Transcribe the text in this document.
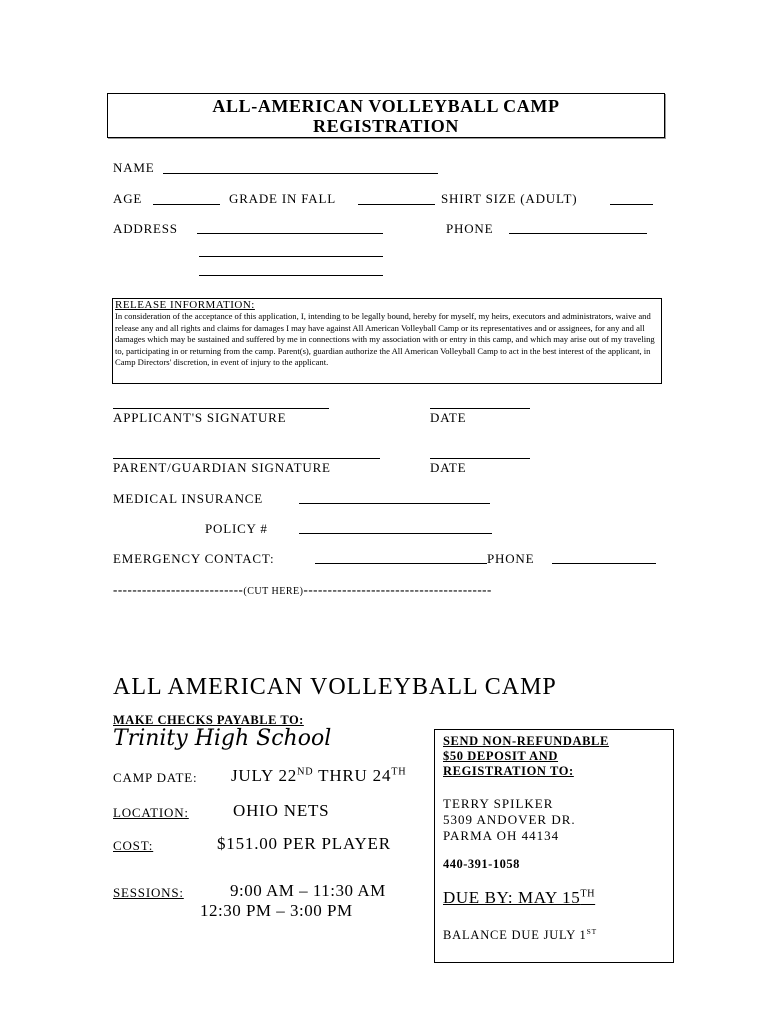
ALL-AMERICAN VOLLEYBALL CAMP
REGISTRATION
NAME
AGE	GRADE IN FALL	SHIRT SIZE (ADULT)
ADDRESS	PHONE
RELEASE INFORMATION:
In consideration of the acceptance of this application, I, intending to be legally bound, hereby for myself, my heirs, executors and administrators, waive and release any and all rights and claims for damages I may have against All American Volleyball Camp or its representatives and or assignees, for any and all damages which may be sustained and suffered by me in connections with my association with or entry in this camp, and which may arise out of my traveling to, participating in or returning from the camp. Parent(s), guardian authorize the All American Volleyball Camp to act in the best interest of the applicant, in Camp Directors' discretion, in event of injury to the applicant.
APPLICANT'S SIGNATURE	DATE
PARENT/GUARDIAN SIGNATURE	DATE
MEDICAL INSURANCE
POLICY #
EMERGENCY CONTACT:	PHONE
---------------------------(CUT HERE)---------------------------------------
ALL AMERICAN VOLLEYBALL CAMP
MAKE CHECKS PAYABLE TO:
Trinity High School
CAMP DATE: JULY 22ND THRU 24TH
LOCATION:	OHIO NETS
COST:	$151.00 PER PLAYER
SESSIONS:	9:00 AM – 11:30 AM
12:30 PM – 3:00 PM
SEND NON-REFUNDABLE
$50 DEPOSIT AND
REGISTRATION TO:
TERRY SPILKER
5309 ANDOVER DR.
PARMA OH 44134
440-391-1058
DUE BY: MAY 15TH
BALANCE DUE JULY 1ST
